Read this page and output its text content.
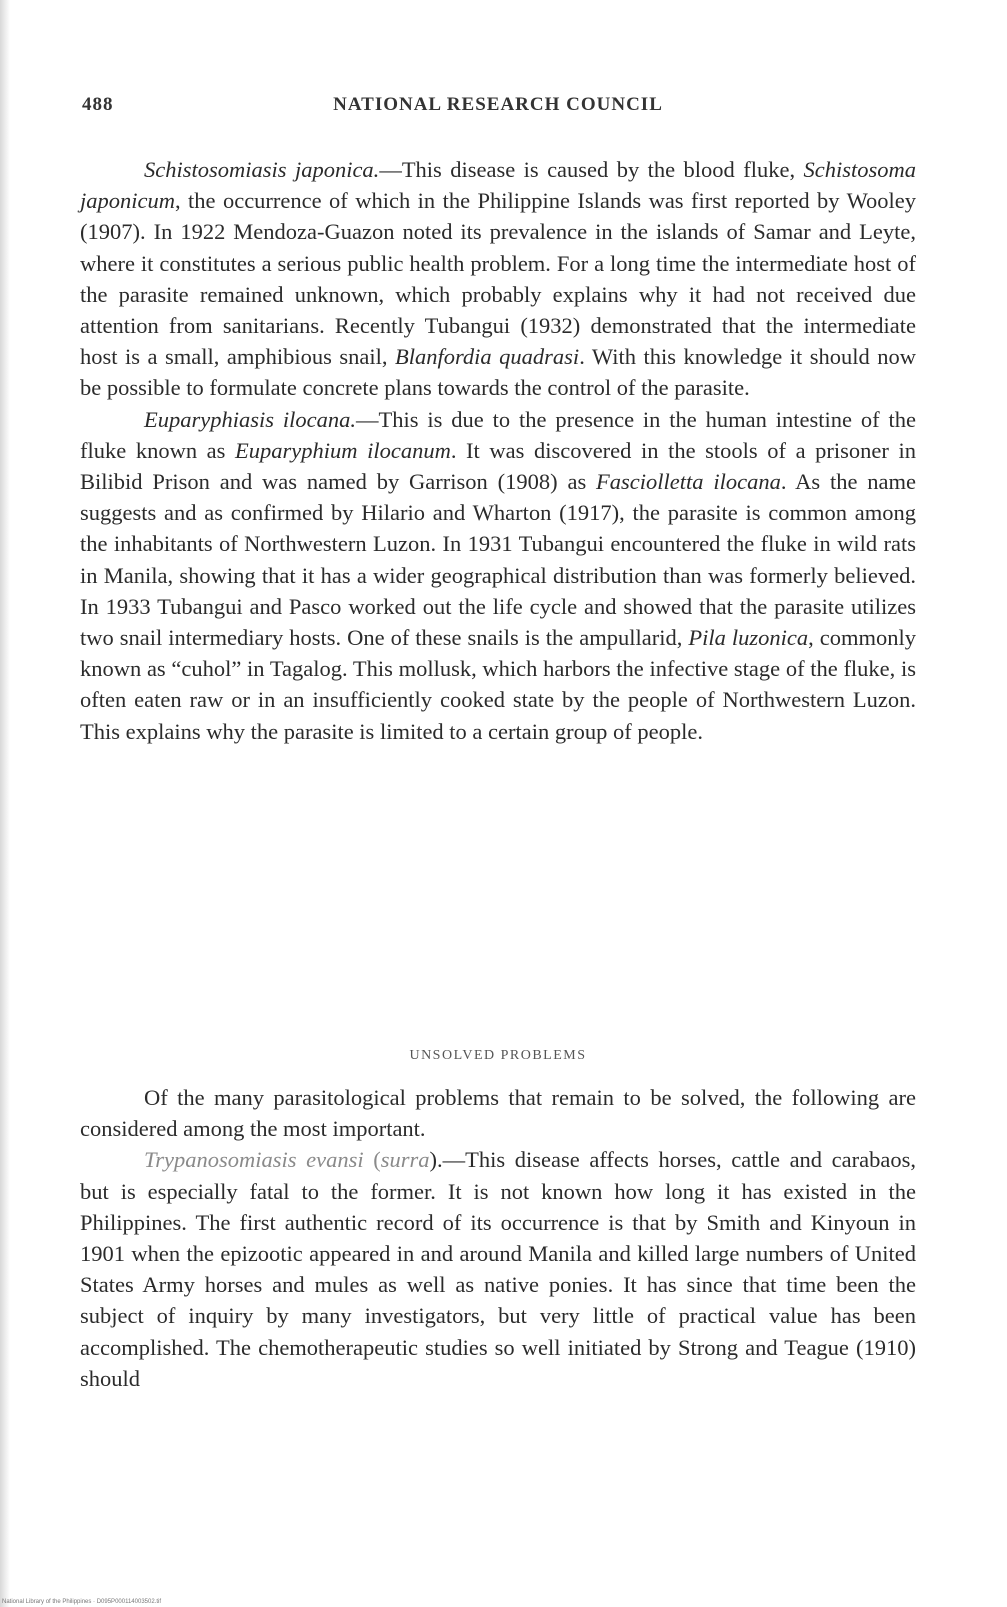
488	NATIONAL RESEARCH COUNCIL

Schistosomiasis japonica.—This disease is caused by the blood fluke, Schistosoma japonicum, the occurrence of which in the Philippine Islands was first reported by Wooley (1907). In 1922 Mendoza-Guazon noted its prevalence in the islands of Samar and Leyte, where it constitutes a serious public health problem. For a long time the intermediate host of the parasite remained unknown, which probably explains why it had not received due attention from sanitarians. Recently Tubangui (1932) demonstrated that the intermediate host is a small, amphibious snail, Blanfordia quadrasi. With this knowledge it should now be possible to formulate concrete plans towards the control of the parasite.

Euparyphiasis ilocana.—This is due to the presence in the human intestine of the fluke known as Euparyphium ilocanum. It was discovered in the stools of a prisoner in Bilibid Prison and was named by Garrison (1908) as Fasciolletta ilocana. As the name suggests and as confirmed by Hilario and Wharton (1917), the parasite is common among the inhabitants of Northwestern Luzon. In 1931 Tubangui encountered the fluke in wild rats in Manila, showing that it has a wider geographical distribution than was formerly believed. In 1933 Tubangui and Pasco worked out the life cycle and showed that the parasite utilizes two snail intermediary hosts. One of these snails is the ampullarid, Pila luzonica, commonly known as “cuhol” in Tagalog. This mollusk, which harbors the infective stage of the fluke, is often eaten raw or in an insufficiently cooked state by the people of Northwestern Luzon. This explains why the parasite is limited to a certain group of people.

UNSOLVED PROBLEMS

Of the many parasitological problems that remain to be solved, the following are considered among the most important.

Trypanosomiasis evansi (surra).—This disease affects horses, cattle and carabaos, but is especially fatal to the former. It is not known how long it has existed in the Philippines. The first authentic record of its occurrence is that by Smith and Kinyoun in 1901 when the epizootic appeared in and around Manila and killed large numbers of United States Army horses and mules as well as native ponies. It has since that time been the subject of inquiry by many investigators, but very little of practical value has been accomplished. The chemotherapeutic studies so well initiated by Strong and Teague (1910) should

National Library of the Philippines · D095P000114003502.tif
